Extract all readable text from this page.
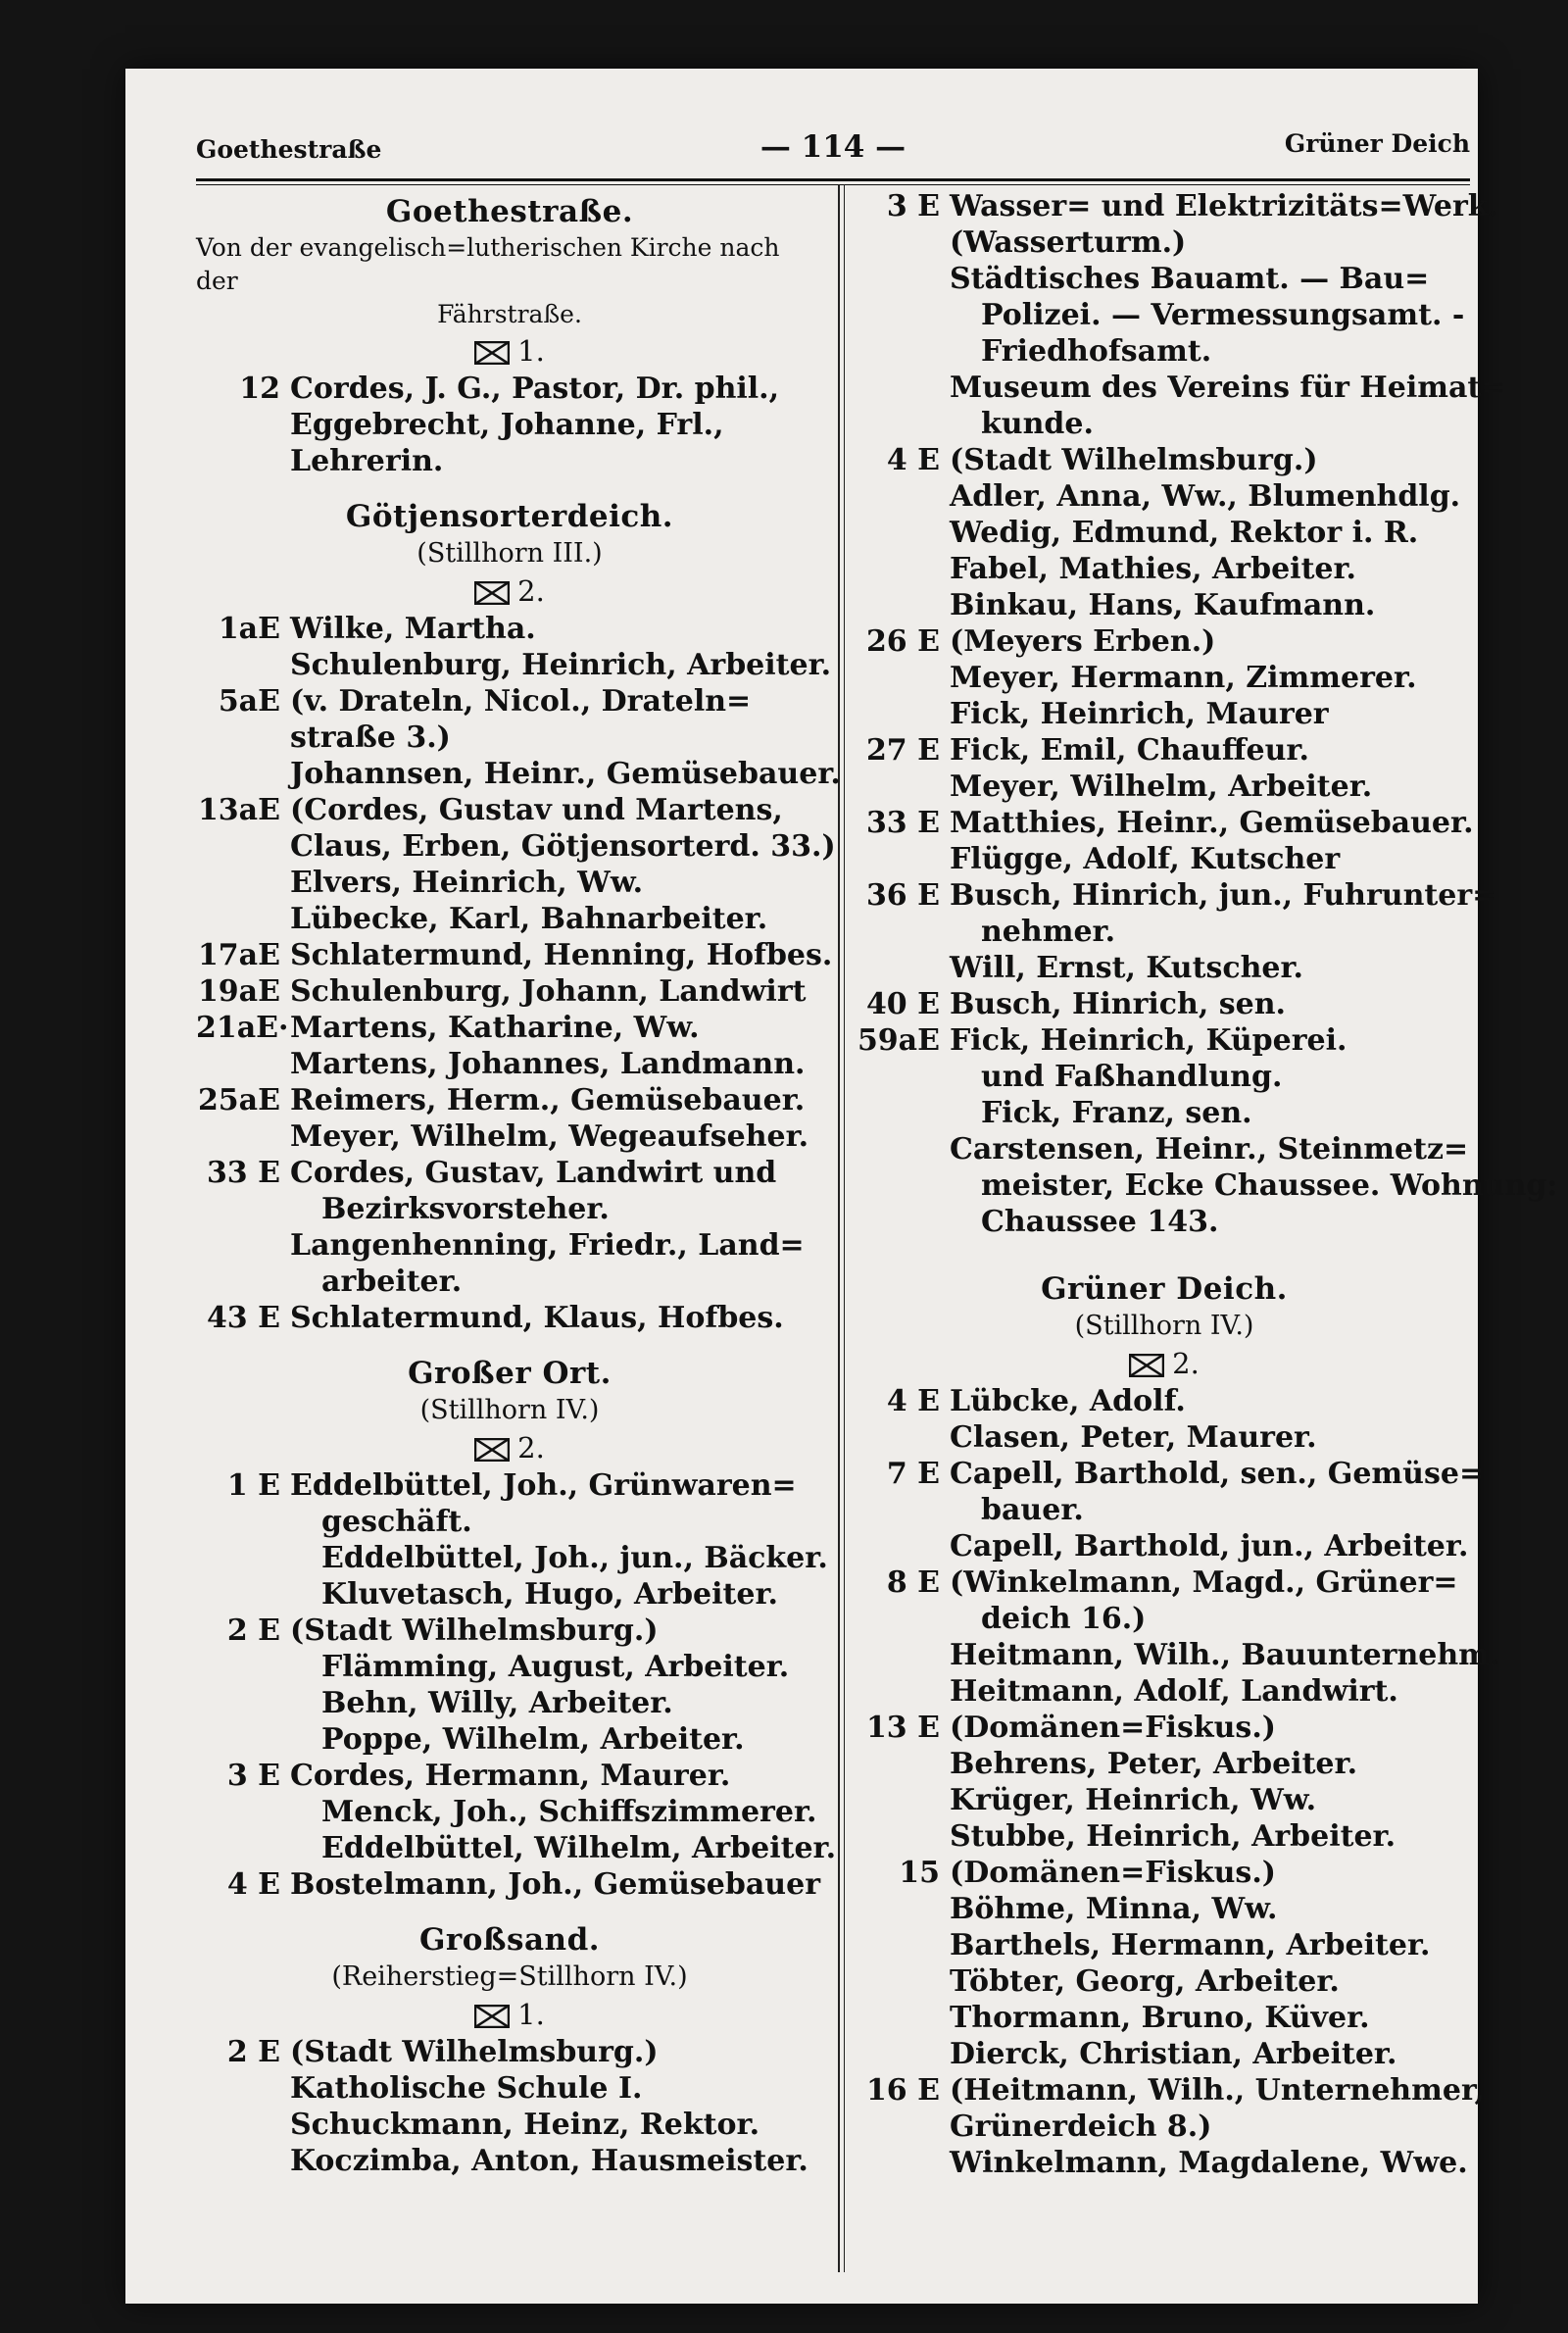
Goethestraße	— 114 —	Grüner Deich
Goethestraße.
Von der evangelisch=lutherischen Kirche nach der
Fährstraße.
1.
12 Cordes, J. G., Pastor, Dr. phil.,
Eggebrecht, Johanne, Frl.,
Lehrerin.
Götjensorterdeich.
(Stillhorn III.)
2.
1aE Wilke, Martha.
Schulenburg, Heinrich, Arbeiter.
5aE (v. Drateln, Nicol., Drateln=
straße 3.)
Johannsen, Heinr., Gemüsebauer.
13aE (Cordes, Gustav und Martens,
Claus, Erben, Götjensorterd. 33.)
Elvers, Heinrich, Ww.
Lübecke, Karl, Bahnarbeiter.
17aE Schlatermund, Henning, Hofbes.
19aE Schulenburg, Johann, Landwirt
21aE·Martens, Katharine, Ww.
Martens, Johannes, Landmann.
25aE Reimers, Herm., Gemüsebauer.
Meyer, Wilhelm, Wegeaufseher.
33 E Cordes, Gustav, Landwirt und
Bezirksvorsteher.
Langenhenning, Friedr., Land=
arbeiter.
43 E Schlatermund, Klaus, Hofbes.
Großer Ort.
(Stillhorn IV.)
2.
1 E Eddelbüttel, Joh., Grünwaren=
geschäft.
Eddelbüttel, Joh., jun., Bäcker.
Kluvetasch, Hugo, Arbeiter.
2 E (Stadt Wilhelmsburg.)
Flämming, August, Arbeiter.
Behn, Willy, Arbeiter.
Poppe, Wilhelm, Arbeiter.
3 E Cordes, Hermann, Maurer.
Menck, Joh., Schiffszimmerer.
Eddelbüttel, Wilhelm, Arbeiter.
4 E Bostelmann, Joh., Gemüsebauer
Großsand.
(Reiherstieg=Stillhorn IV.)
1.
2 E (Stadt Wilhelmsburg.)
Katholische Schule I.
Schuckmann, Heinz, Rektor.
Koczimba, Anton, Hausmeister.
3 E Wasser= und Elektrizitäts=Werk.
(Wasserturm.)
Städtisches Bauamt. — Bau=
Polizei. — Vermessungsamt. -
Friedhofsamt.
Museum des Vereins für Heimat=
kunde.
4 E (Stadt Wilhelmsburg.)
Adler, Anna, Ww., Blumenhdlg.
Wedig, Edmund, Rektor i. R.
Fabel, Mathies, Arbeiter.
Binkau, Hans, Kaufmann.
26 E (Meyers Erben.)
Meyer, Hermann, Zimmerer.
Fick, Heinrich, Maurer
27 E Fick, Emil, Chauffeur.
Meyer, Wilhelm, Arbeiter.
33 E Matthies, Heinr., Gemüsebauer.
Flügge, Adolf, Kutscher
36 E Busch, Hinrich, jun., Fuhrunter=
nehmer.
Will, Ernst, Kutscher.
40 E Busch, Hinrich, sen.
59aE Fick, Heinrich, Küperei.
und Faßhandlung.
Fick, Franz, sen.
Carstensen, Heinr., Steinmetz=
meister, Ecke Chaussee. Wohnung:
Chaussee 143.
Grüner Deich.
(Stillhorn IV.)
2.
4 E Lübcke, Adolf.
Clasen, Peter, Maurer.
7 E Capell, Barthold, sen., Gemüse=
bauer.
Capell, Barthold, jun., Arbeiter.
8 E (Winkelmann, Magd., Grüner=
deich 16.)
Heitmann, Wilh., Bauunternehm.
Heitmann, Adolf, Landwirt.
13 E (Domänen=Fiskus.)
Behrens, Peter, Arbeiter.
Krüger, Heinrich, Ww.
Stubbe, Heinrich, Arbeiter.
15 (Domänen=Fiskus.)
Böhme, Minna, Ww.
Barthels, Hermann, Arbeiter.
Töbter, Georg, Arbeiter.
Thormann, Bruno, Küver.
Dierck, Christian, Arbeiter.
16 E (Heitmann, Wilh., Unternehmer,
Grünerdeich 8.)
Winkelmann, Magdalene, Wwe.
